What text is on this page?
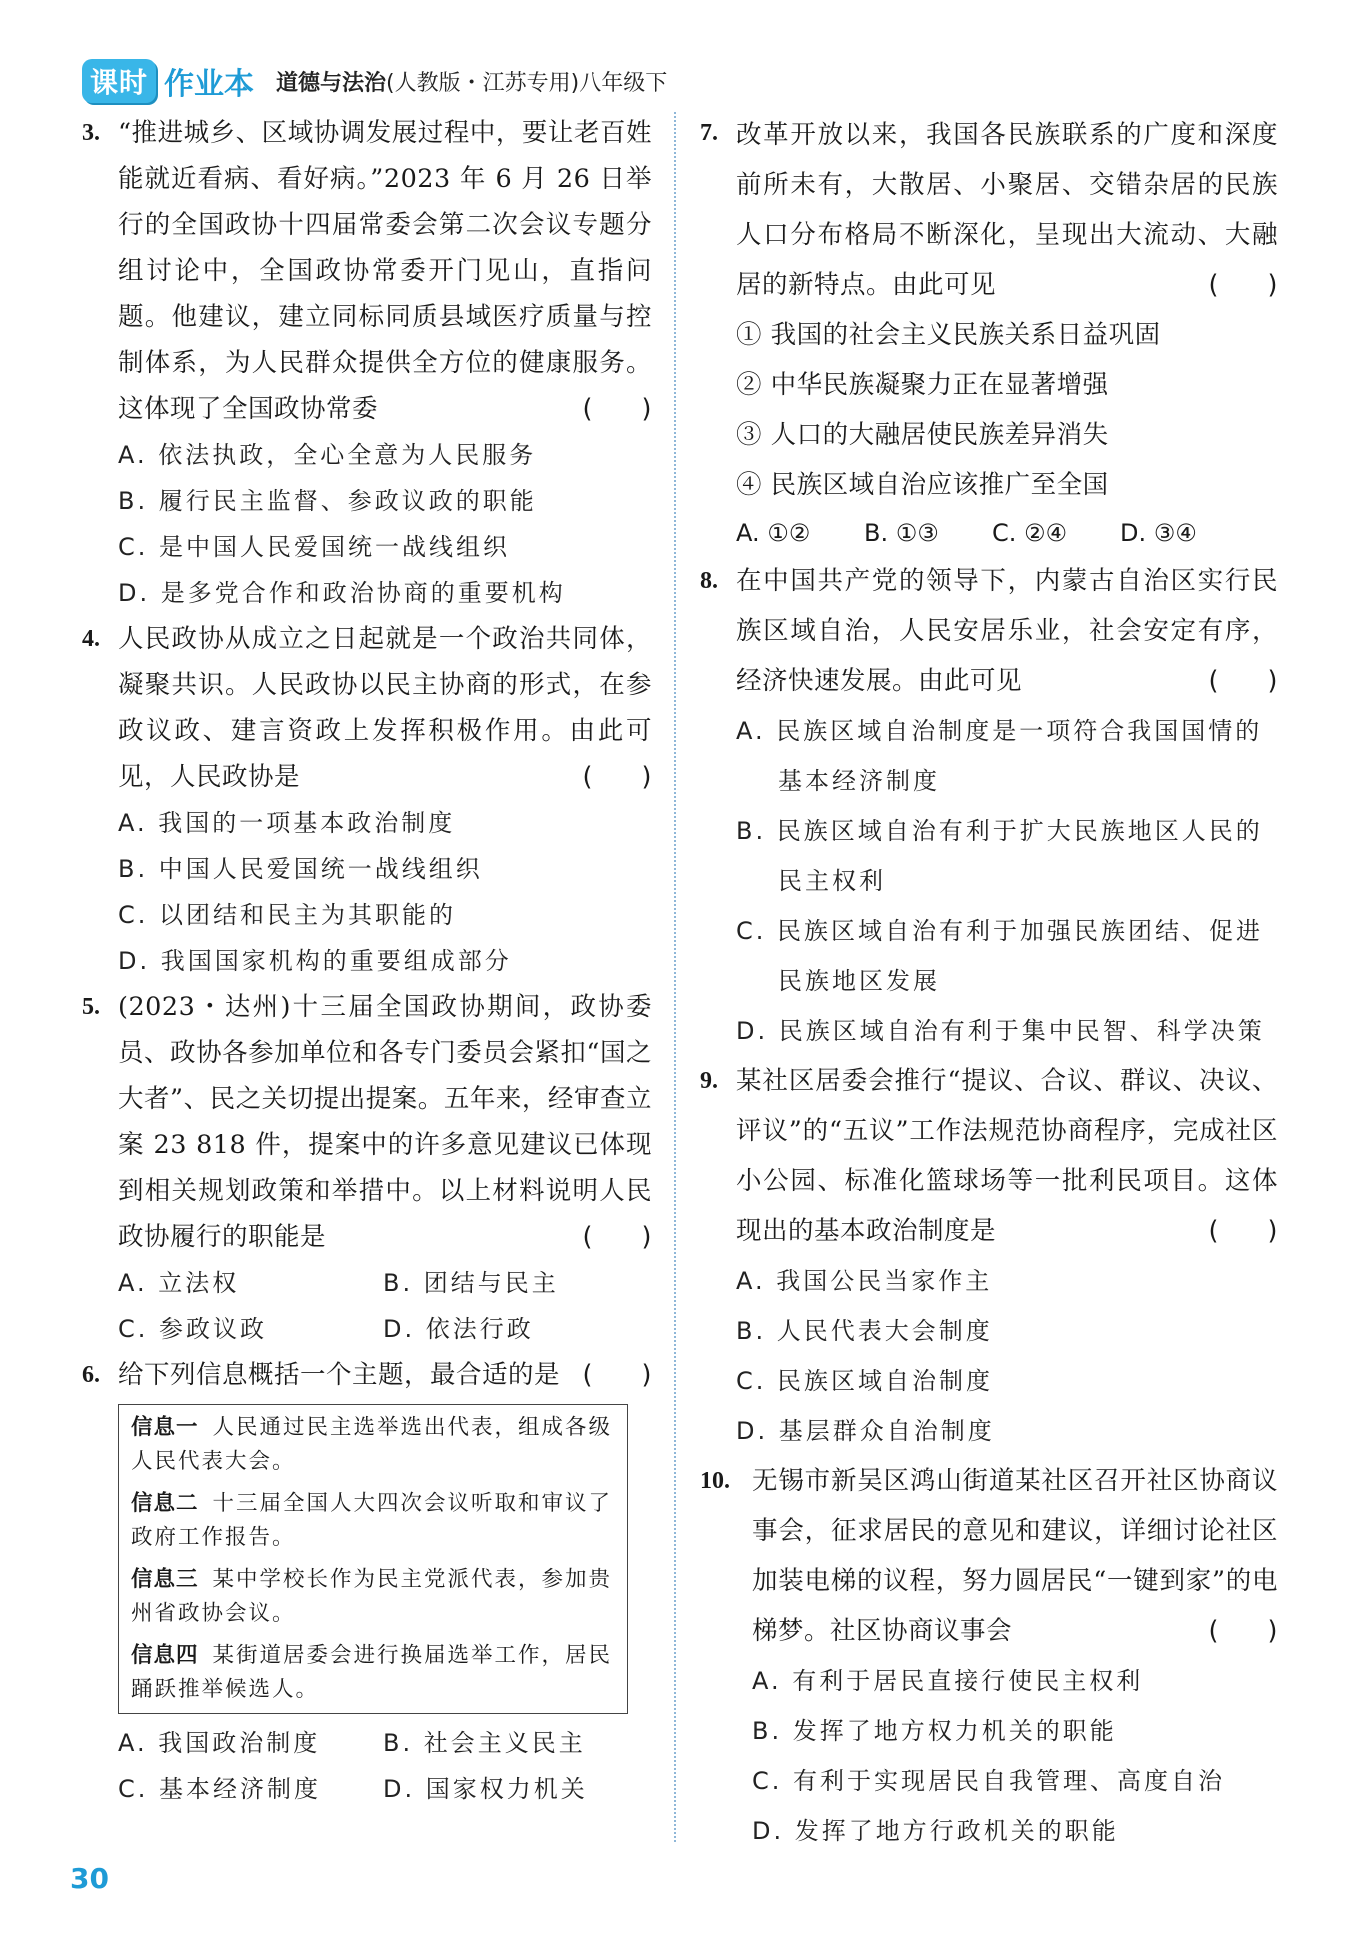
课时 作业本 道德与法治(人教版・江苏专用)八年级下
3. “推进城乡、区域协调发展过程中，要让老百姓能就近看病、看好病。”2023 年 6 月 26 日举行的全国政协十四届常委会第二次会议专题分组讨论中，全国政协常委开门见山，直指问题。他建议，建立同标同质县域医疗质量与控制体系，为人民群众提供全方位的健康服务。这体现了全国政协常委	( )
A. 依法执政，全心全意为人民服务
B. 履行民主监督、参政议政的职能
C. 是中国人民爱国统一战线组织
D. 是多党合作和政治协商的重要机构
4. 人民政协从成立之日起就是一个政治共同体，凝聚共识。人民政协以民主协商的形式，在参政议政、建言资政上发挥积极作用。由此可见，人民政协是	( )
A. 我国的一项基本政治制度
B. 中国人民爱国统一战线组织
C. 以团结和民主为其职能的
D. 我国国家机构的重要组成部分
5. (2023・达州)十三届全国政协期间，政协委员、政协各参加单位和各专门委员会紧扣“国之大者”、民之关切提出提案。五年来，经审查立案 23 818 件，提案中的许多意见建议已体现到相关规划政策和举措中。以上材料说明人民政协履行的职能是	( )
A. 立法权	B. 团结与民主
C. 参政议政	D. 依法行政
6. 给下列信息概括一个主题，最合适的是 ( )
信息一 人民通过民主选举选出代表，组成各级人民代表大会。
信息二 十三届全国人大四次会议听取和审议了政府工作报告。
信息三 某中学校长作为民主党派代表，参加贵州省政协会议。
信息四 某街道居委会进行换届选举工作，居民踊跃推举候选人。
A. 我国政治制度	B. 社会主义民主
C. 基本经济制度	D. 国家权力机关
7. 改革开放以来，我国各民族联系的广度和深度前所未有，大散居、小聚居、交错杂居的民族人口分布格局不断深化，呈现出大流动、大融居的新特点。由此可见	( )
① 我国的社会主义民族关系日益巩固
② 中华民族凝聚力正在显著增强
③ 人口的大融居使民族差异消失
④ 民族区域自治应该推广至全国
A. ①②	B. ①③	C. ②④	D. ③④
8. 在中国共产党的领导下，内蒙古自治区实行民族区域自治，人民安居乐业，社会安定有序，经济快速发展。由此可见	( )
A. 民族区域自治制度是一项符合我国国情的基本经济制度
B. 民族区域自治有利于扩大民族地区人民的民主权利
C. 民族区域自治有利于加强民族团结、促进民族地区发展
D. 民族区域自治有利于集中民智、科学决策
9. 某社区居委会推行“提议、合议、群议、决议、评议”的“五议”工作法规范协商程序，完成社区小公园、标准化篮球场等一批利民项目。这体现出的基本政治制度是	( )
A. 我国公民当家作主
B. 人民代表大会制度
C. 民族区域自治制度
D. 基层群众自治制度
10. 无锡市新吴区鸿山街道某社区召开社区协商议事会，征求居民的意见和建议，详细讨论社区加装电梯的议程，努力圆居民“一键到家”的电梯梦。社区协商议事会	( )
A. 有利于居民直接行使民主权利
B. 发挥了地方权力机关的职能
C. 有利于实现居民自我管理、高度自治
D. 发挥了地方行政机关的职能
30
